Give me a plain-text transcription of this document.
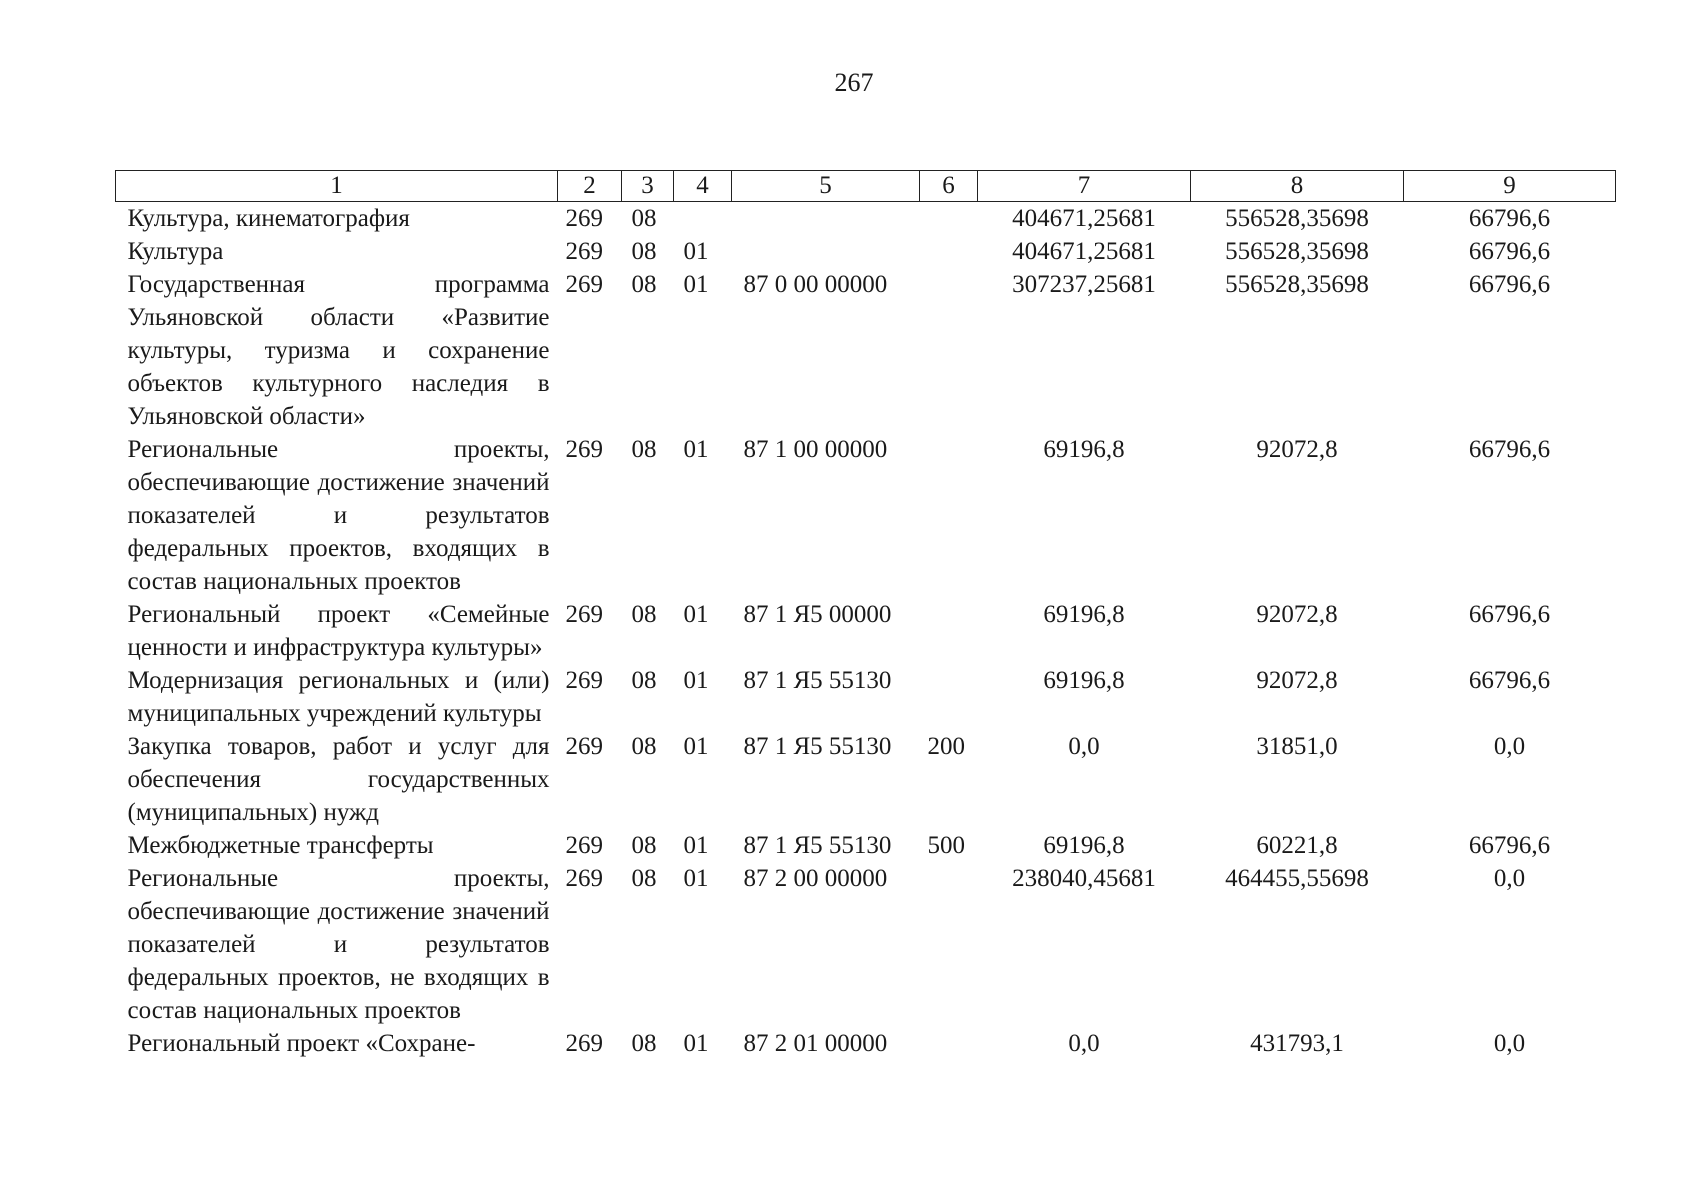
267
1	2	3	4	5	6	7	8	9
Культура, кинематография	269	08				404671,25681	556528,35698	66796,6
Культура	269	08	01			404671,25681	556528,35698	66796,6
Государственная программа Ульяновской области «Развитие культуры, туризма и сохранение объектов культурного наследия в Ульяновской области»	269	08	01	87 0 00 00000		307237,25681	556528,35698	66796,6
Региональные проекты, обеспечивающие достижение значений показателей и результатов федеральных проектов, входящих в состав национальных проектов	269	08	01	87 1 00 00000		69196,8	92072,8	66796,6
Региональный проект «Семейные ценности и инфраструктура культуры»	269	08	01	87 1 Я5 00000		69196,8	92072,8	66796,6
Модернизация региональных и (или) муниципальных учреждений культуры	269	08	01	87 1 Я5 55130		69196,8	92072,8	66796,6
Закупка товаров, работ и услуг для обеспечения государственных (муниципальных) нужд	269	08	01	87 1 Я5 55130	200	0,0	31851,0	0,0
Межбюджетные трансферты	269	08	01	87 1 Я5 55130	500	69196,8	60221,8	66796,6
Региональные проекты, обеспечивающие достижение значений показателей и результатов федеральных проектов, не входящих в состав национальных проектов	269	08	01	87 2 00 00000		238040,45681	464455,55698	0,0
Региональный проект «Сохране-	269	08	01	87 2 01 00000		0,0	431793,1	0,0
